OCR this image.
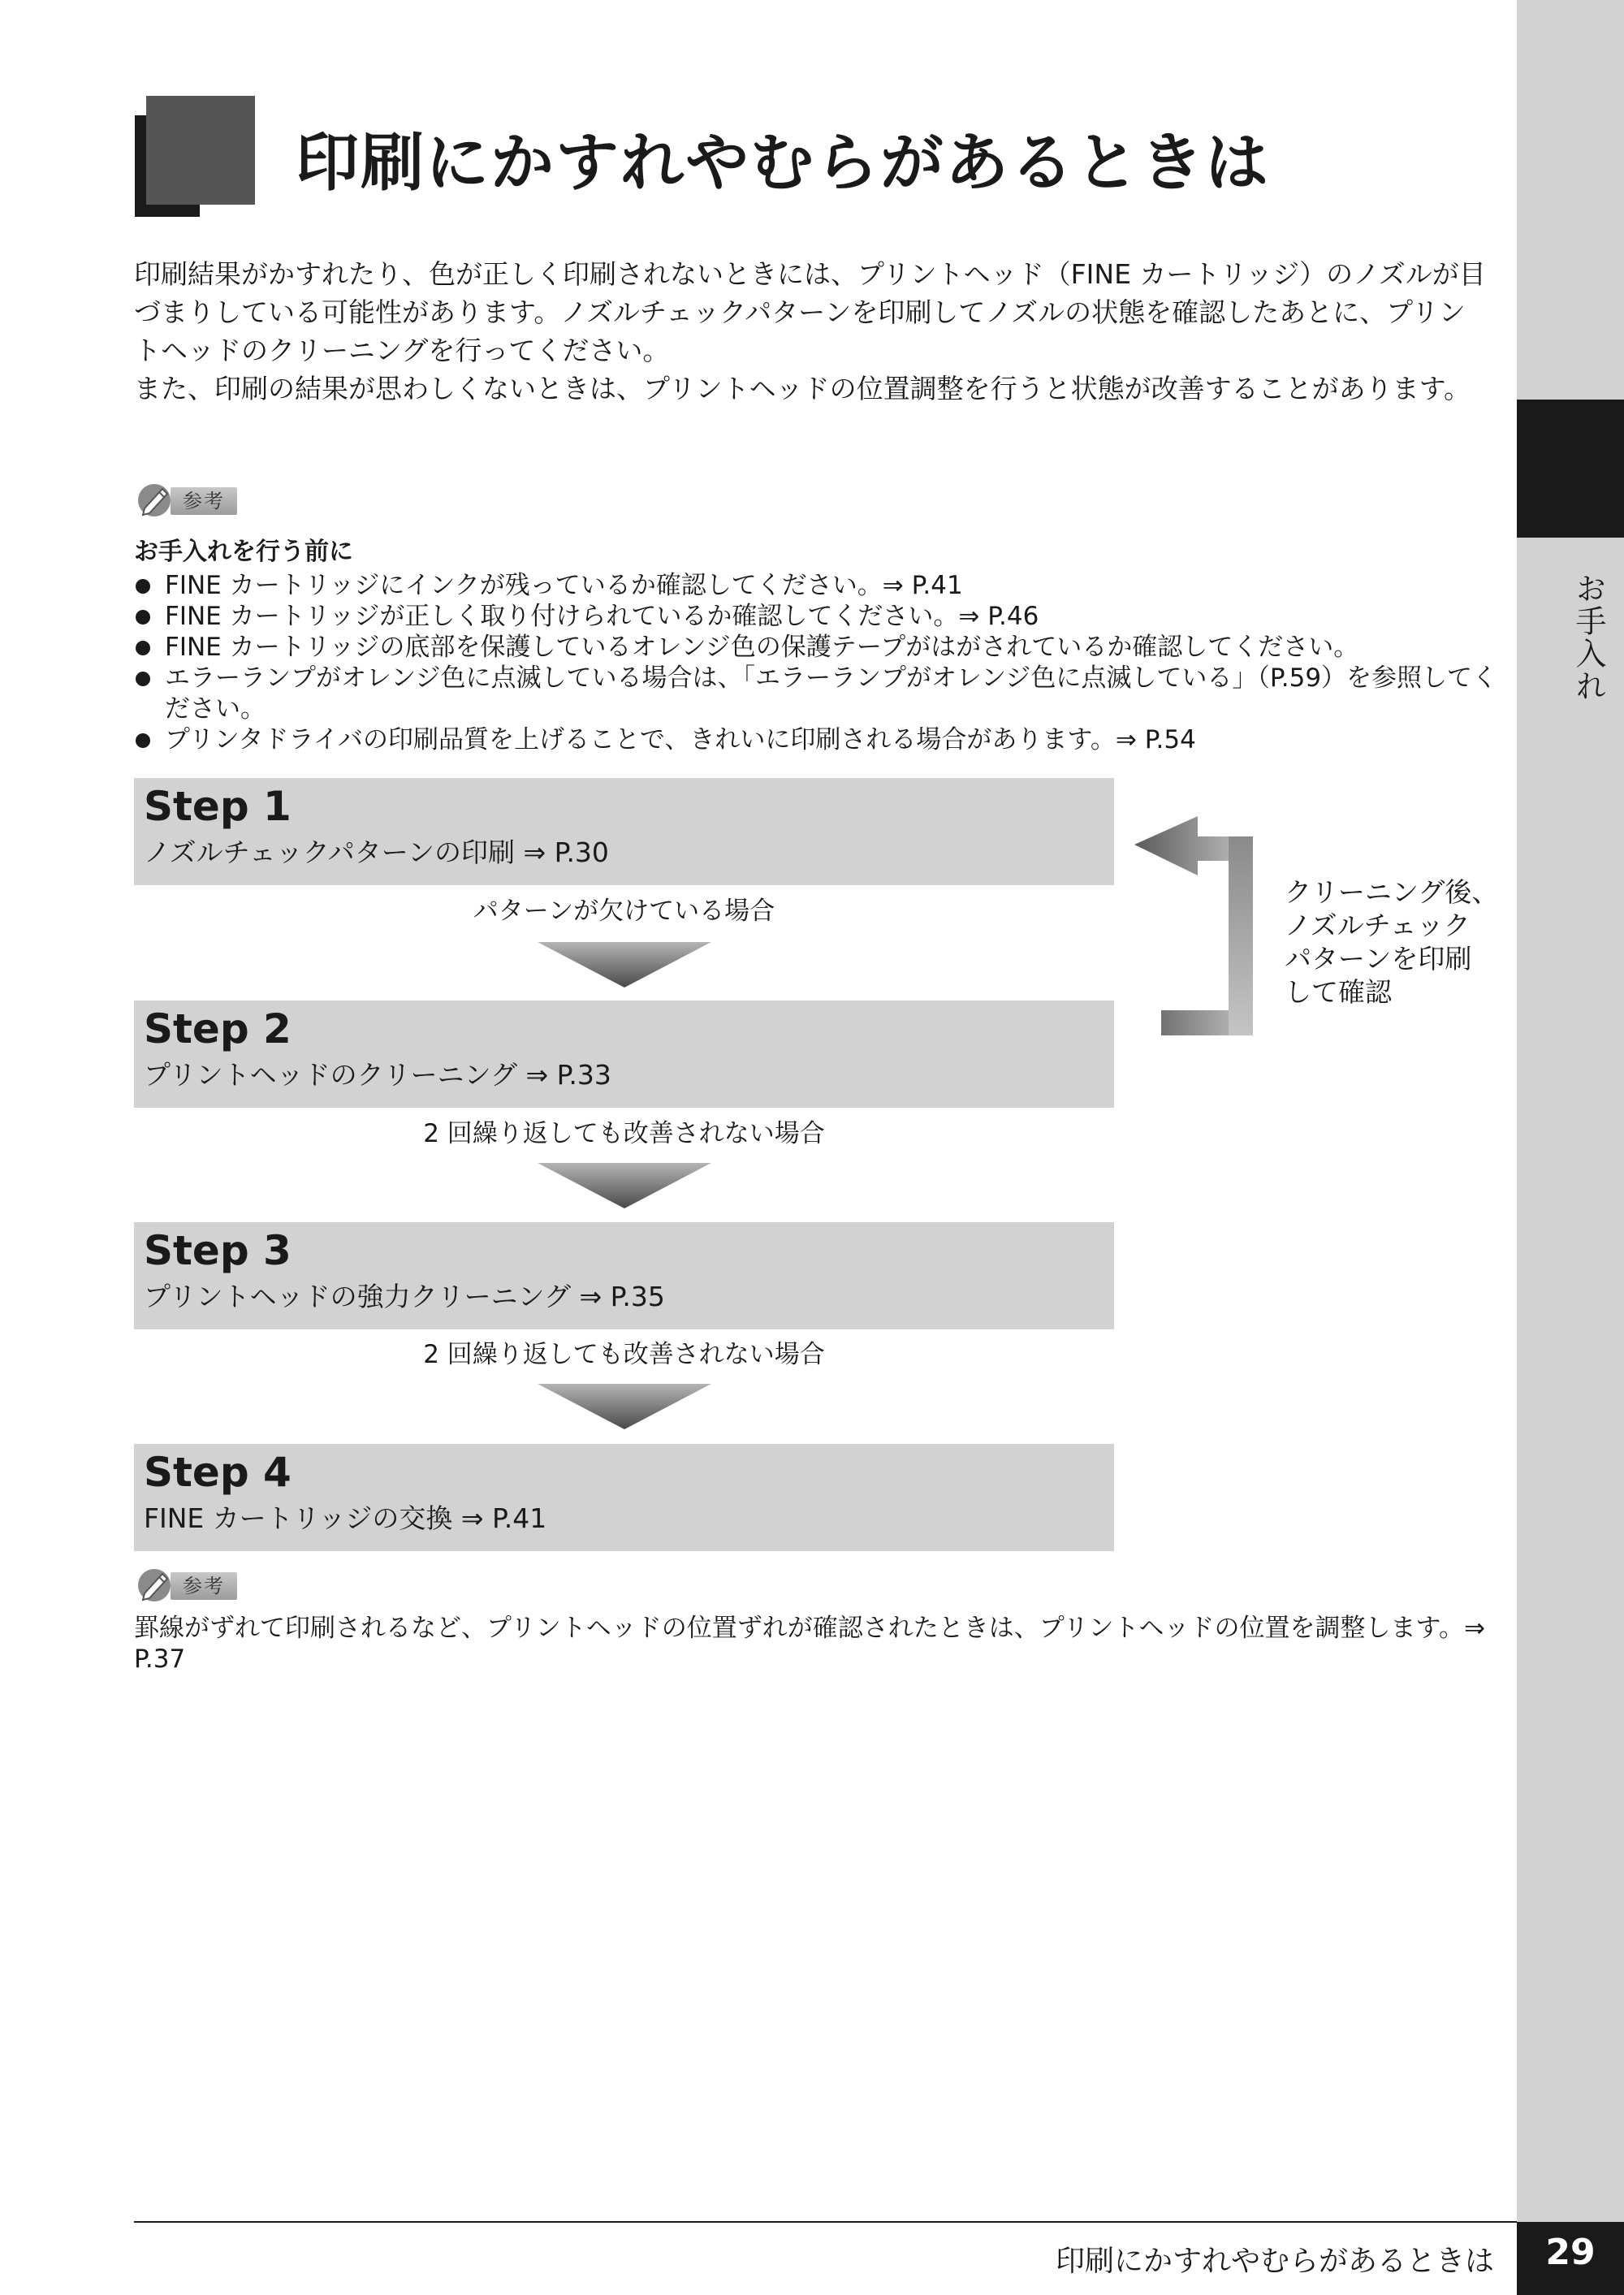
お手入れ
印刷にかすれやむらがあるときは

印刷結果がかすれたり、色が正しく印刷されないときには、プリントヘッド（FINE カートリッジ）のノズルが目づまりしている可能性があります。ノズルチェックパターンを印刷してノズルの状態を確認したあとに、プリントヘッドのクリーニングを行ってください。

また、印刷の結果が思わしくないときは、プリントヘッドの位置調整を行うと状態が改善することがあります。

参考
お手入れを行う前に
FINE カートリッジにインクが残っているか確認してください。⇒ P.41
FINE カートリッジが正しく取り付けられているか確認してください。⇒ P.46
FINE カートリッジの底部を保護しているオレンジ色の保護テープがはがされているか確認してください。
エラーランプがオレンジ色に点滅している場合は、「エラーランプがオレンジ色に点滅している」（P.59）を参照してください。
プリンタドライバの印刷品質を上げることで、きれいに印刷される場合があります。⇒ P.54
Step 1
ノズルチェックパターンの印刷 ⇒ P.30
パターンが欠けている場合
Step 2
プリントヘッドのクリーニング ⇒ P.33
2 回繰り返しても改善されない場合
Step 3
プリントヘッドの強力クリーニング ⇒ P.35
2 回繰り返しても改善されない場合
Step 4
FINE カートリッジの交換 ⇒ P.41
クリーニング後、
ノズルチェック
パターンを印刷
して確認
参考
罫線がずれて印刷されるなど、プリントヘッドの位置ずれが確認されたときは、プリントヘッドの位置を調整します。⇒ P.37
印刷にかすれやむらがあるときは	29
